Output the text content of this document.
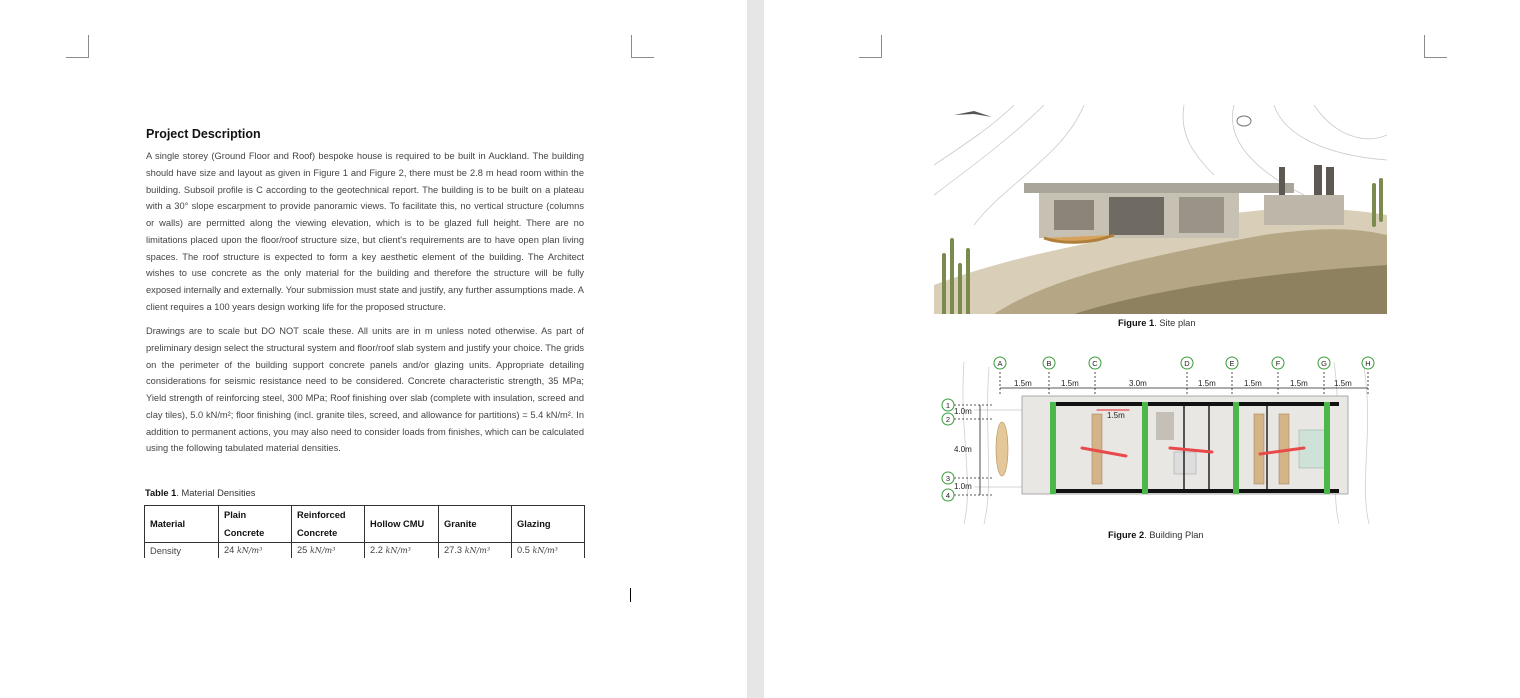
Project Description

A single storey (Ground Floor and Roof) bespoke house is required to be built in Auckland. The building should have size and layout as given in Figure 1 and Figure 2, there must be 2.8 m head room within the building. Subsoil profile is C according to the geotechnical report. The building is to be built on a plateau with a 30° slope escarpment to provide panoramic views. To facilitate this, no vertical structure (columns or walls) are permitted along the viewing elevation, which is to be glazed full height. There are no limitations placed upon the floor/roof structure size, but client's requirements are to have open plan living spaces. The roof structure is expected to form a key aesthetic element of the building. The Architect wishes to use concrete as the only material for the building and therefore the structure will be fully exposed internally and externally. Your submission must state and justify, any further assumptions made. A client requires a 100 years design working life for the proposed structure.

Drawings are to scale but DO NOT scale these. All units are in m unless noted otherwise. As part of preliminary design select the structural system and floor/roof slab system and justify your choice. The grids on the perimeter of the building support concrete panels and/or glazing units. Appropriate detailing considerations for seismic resistance need to be considered. Concrete characteristic strength, 35 MPa; Yield strength of reinforcing steel, 300 MPa; Roof finishing over slab (complete with insulation, screed and clay tiles), 5.0 kN/m²; floor finishing (incl. granite tiles, screed, and allowance for partitions) = 5.4 kN/m². In addition to permanent actions, you may also need to consider loads from finishes, which can be calculated using the following tabulated material densities.

Table 1. Material Densities
Material	Plain Concrete	Reinforced Concrete	Hollow CMU	Granite	Glazing
Density	24 kN/m³	25 kN/m³	2.2 kN/m³	27.3 kN/m³	0.5 kN/m³
Figure 1. Site plan
A	B	C	D	E	F	G	H
1
2
3
4
1.5m	1.5m	3.0m	1.5m	1.5m	1.5m	1.5m
1.0m
4.0m
1.0m
1.5m
Figure 2. Building Plan
